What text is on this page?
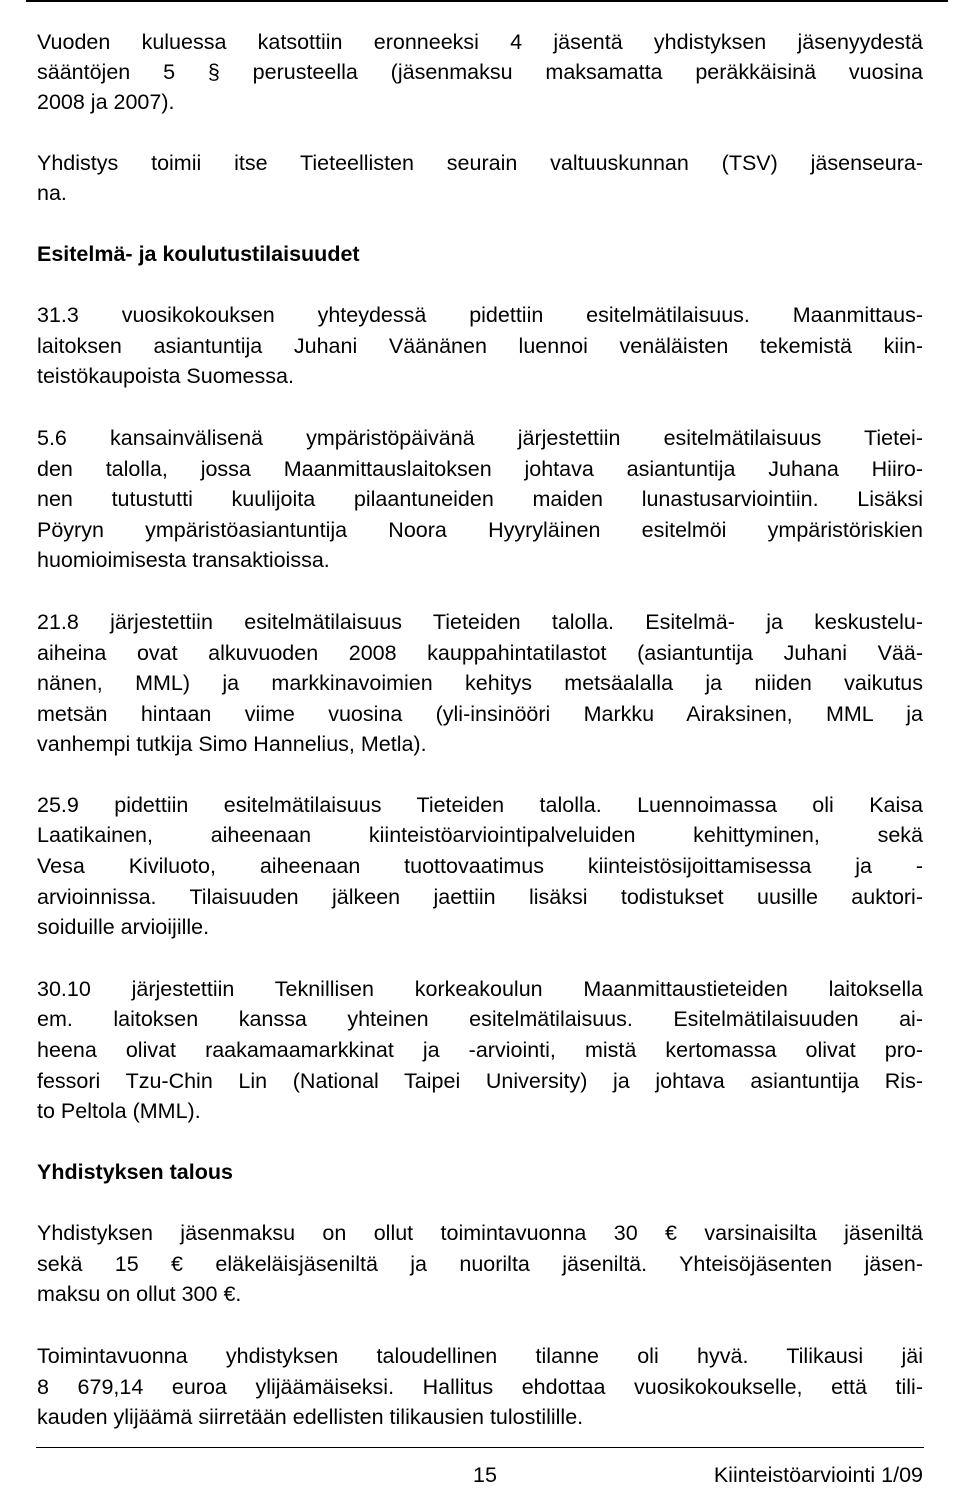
Vuoden kuluessa katsottiin eronneeksi 4 jäsentä yhdistyksen jäsenyydestä
sääntöjen 5 § perusteella (jäsenmaksu maksamatta peräkkäisinä vuosina
2008 ja 2007).
Yhdistys toimii itse Tieteellisten seurain valtuuskunnan (TSV) jäsenseura-
na.
Esitelmä- ja koulutustilaisuudet
31.3 vuosikokouksen yhteydessä pidettiin esitelmätilaisuus. Maanmittaus-
laitoksen asiantuntija Juhani Väänänen luennoi venäläisten tekemistä kiin-
teistökaupoista Suomessa.
5.6 kansainvälisenä ympäristöpäivänä järjestettiin esitelmätilaisuus Tietei-
den talolla, jossa Maanmittauslaitoksen johtava asiantuntija Juhana Hiiro-
nen tutustutti kuulijoita pilaantuneiden maiden lunastusarviointiin. Lisäksi
Pöyryn ympäristöasiantuntija Noora Hyyryläinen esitelmöi ympäristöriskien
huomioimisesta transaktioissa.
21.8 järjestettiin esitelmätilaisuus Tieteiden talolla. Esitelmä- ja keskustelu-
aiheina ovat alkuvuoden 2008 kauppahintatilastot (asiantuntija Juhani Vää-
nänen, MML) ja markkinavoimien kehitys metsäalalla ja niiden vaikutus
metsän hintaan viime vuosina (yli-insinööri Markku Airaksinen, MML ja
vanhempi tutkija Simo Hannelius, Metla).
25.9 pidettiin esitelmätilaisuus Tieteiden talolla. Luennoimassa oli Kaisa
Laatikainen, aiheenaan kiinteistöarviointipalveluiden kehittyminen, sekä
Vesa Kiviluoto, aiheenaan tuottovaatimus kiinteistösijoittamisessa ja -
arvioinnissa. Tilaisuuden jälkeen jaettiin lisäksi todistukset uusille auktori-
soiduille arvioijille.
30.10 järjestettiin Teknillisen korkeakoulun Maanmittaustieteiden laitoksella
em. laitoksen kanssa yhteinen esitelmätilaisuus. Esitelmätilaisuuden ai-
heena olivat raakamaamarkkinat ja -arviointi, mistä kertomassa olivat pro-
fessori Tzu-Chin Lin (National Taipei University) ja johtava asiantuntija Ris-
to Peltola (MML).
Yhdistyksen talous
Yhdistyksen jäsenmaksu on ollut toimintavuonna 30 € varsinaisilta jäseniltä
sekä 15 € eläkeläisjäseniltä ja nuorilta jäseniltä. Yhteisöjäsenten jäsen-
maksu on ollut 300 €.
Toimintavuonna yhdistyksen taloudellinen tilanne oli hyvä. Tilikausi jäi
8 679,14 euroa ylijäämäiseksi. Hallitus ehdottaa vuosikokoukselle, että tili-
kauden ylijäämä siirretään edellisten tilikausien tulostilille.
15	Kiinteistöarviointi 1/09
